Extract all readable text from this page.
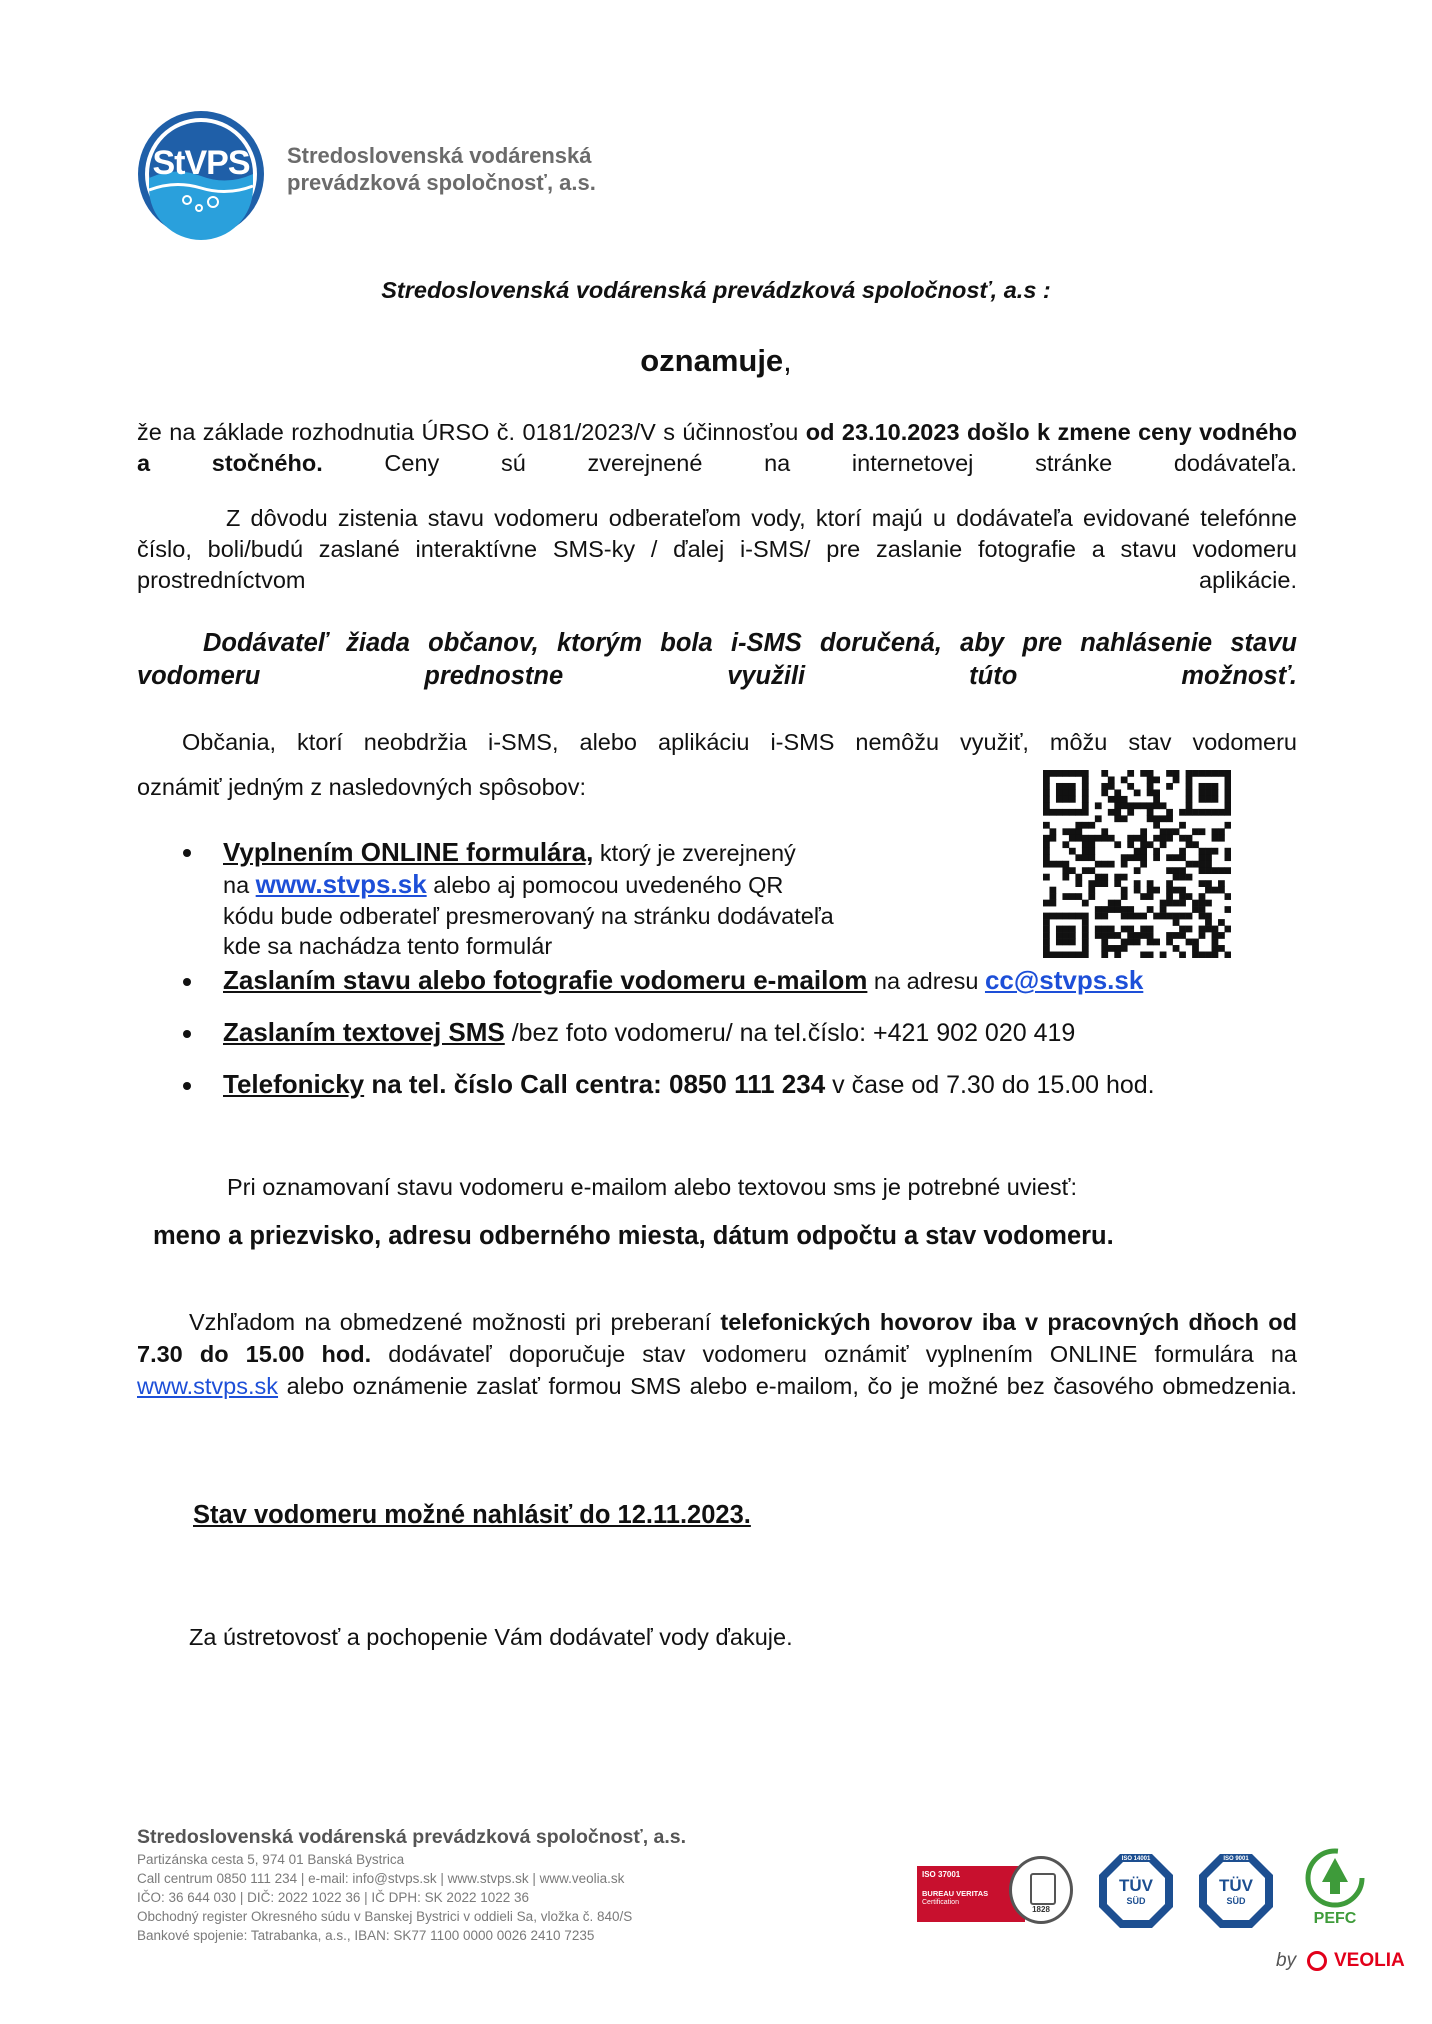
StVPS	Stredoslovenská vodárenská
prevádzková spoločnosť, a.s.
Stredoslovenská vodárenská prevádzková spoločnosť, a.s :
oznamuje,
že na základe rozhodnutia ÚRSO č. 0181/2023/V s účinnosťou od 23.10.2023 došlo k zmene ceny vodného a stočného. Ceny sú zverejnené na internetovej stránke dodávateľa.
Z dôvodu zistenia stavu vodomeru odberateľom vody, ktorí majú u dodávateľa evidované telefónne číslo, boli/budú zaslané interaktívne SMS-ky / ďalej i-SMS/ pre zaslanie fotografie a stavu vodomeru prostredníctvom aplikácie.
Dodávateľ žiada občanov, ktorým bola i-SMS doručená, aby pre nahlásenie stavu vodomeru prednostne využili túto možnosť.
Občania, ktorí neobdržia i-SMS, alebo aplikáciu i-SMS nemôžu využiť, môžu stav vodomeru
oznámiť jedným z nasledovných spôsobov:
Vyplnením ONLINE formulára, ktorý je zverejnený
na www.stvps.sk alebo aj pomocou uvedeného QR
kódu bude odberateľ presmerovaný na stránku dodávateľa
kde sa nachádza tento formulár
Zaslaním stavu alebo fotografie vodomeru e-mailom na adresu cc@stvps.sk
Zaslaním textovej SMS /bez foto vodomeru/ na tel.číslo: +421 902 020 419
Telefonicky na tel. číslo Call centra: 0850 111 234 v čase od 7.30 do 15.00 hod.
Pri oznamovaní stavu vodomeru e-mailom alebo textovou sms je potrebné uviesť:
meno a priezvisko, adresu odberného miesta, dátum odpočtu a stav vodomeru.
Vzhľadom na obmedzené možnosti pri preberaní telefonických hovorov iba v pracovných dňoch od 7.30 do 15.00 hod. dodávateľ doporučuje stav vodomeru oznámiť vyplnením ONLINE formulára na www.stvps.sk alebo oznámenie zaslať formou SMS alebo e-mailom, čo je možné bez časového obmedzenia.
Stav vodomeru možné nahlásiť do 12.11.2023.
Za ústretovosť a pochopenie Vám dodávateľ vody ďakuje.
Stredoslovenská vodárenská prevádzková spoločnosť, a.s.
Partizánska cesta 5, 974 01 Banská Bystrica
Call centrum 0850 111 234 | e-mail: info@stvps.sk | www.stvps.sk | www.veolia.sk
IČO: 36 644 030 | DIČ: 2022 1022 36 | IČ DPH: SK 2022 1022 36
Obchodný register Okresného súdu v Banskej Bystrici v oddieli Sa, vložka č. 840/S
Bankové spojenie: Tatrabanka, a.s., IBAN: SK77 1100 0000 0026 2410 7235
ISO 37001
BUREAU VERITAS
Certification
1828
ISO 14001
TÜV
SÜD
ISO 9001
TÜV
SÜD
PEFC
by VEOLIA
